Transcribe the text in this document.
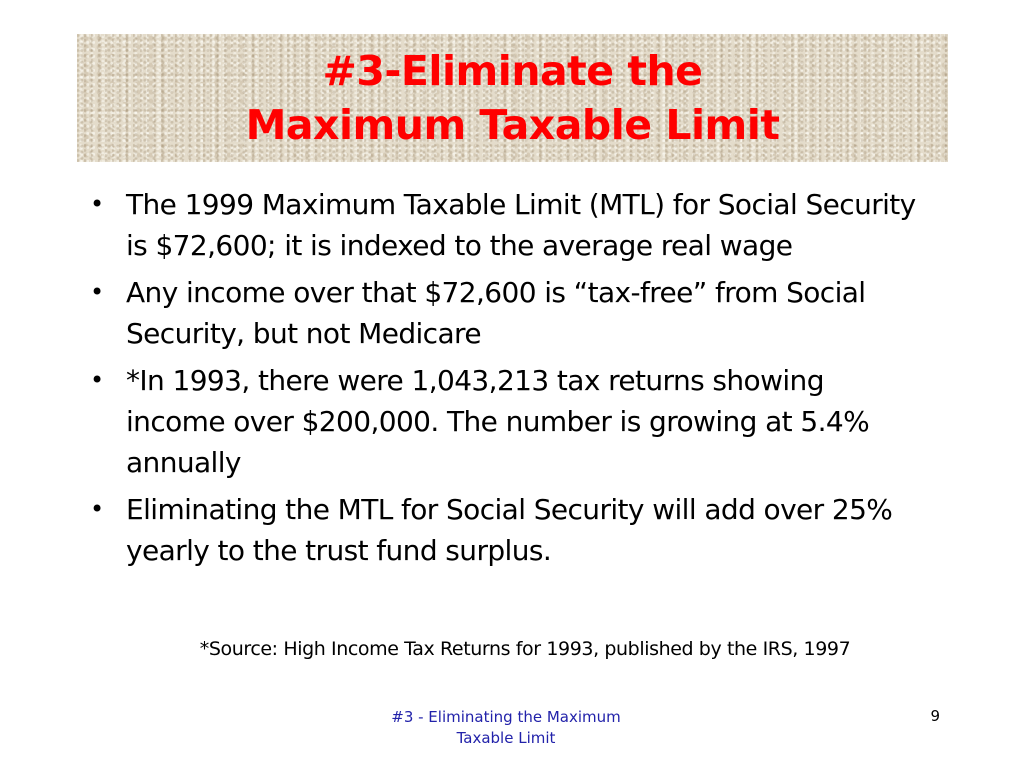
#3-Eliminate the Maximum Taxable Limit
• The 1999 Maximum Taxable Limit (MTL) for Social Security is $72,600; it is indexed to the average real wage
• Any income over that $72,600 is “tax-free” from Social Security, but not Medicare
• *In 1993, there were 1,043,213 tax returns showing income over $200,000. The number is growing at 5.4% annually
• Eliminating the MTL for Social Security will add over 25% yearly to the trust fund surplus.
*Source: High Income Tax Returns for 1993, published by the IRS, 1997
#3 - Eliminating the Maximum
Taxable Limit
9
